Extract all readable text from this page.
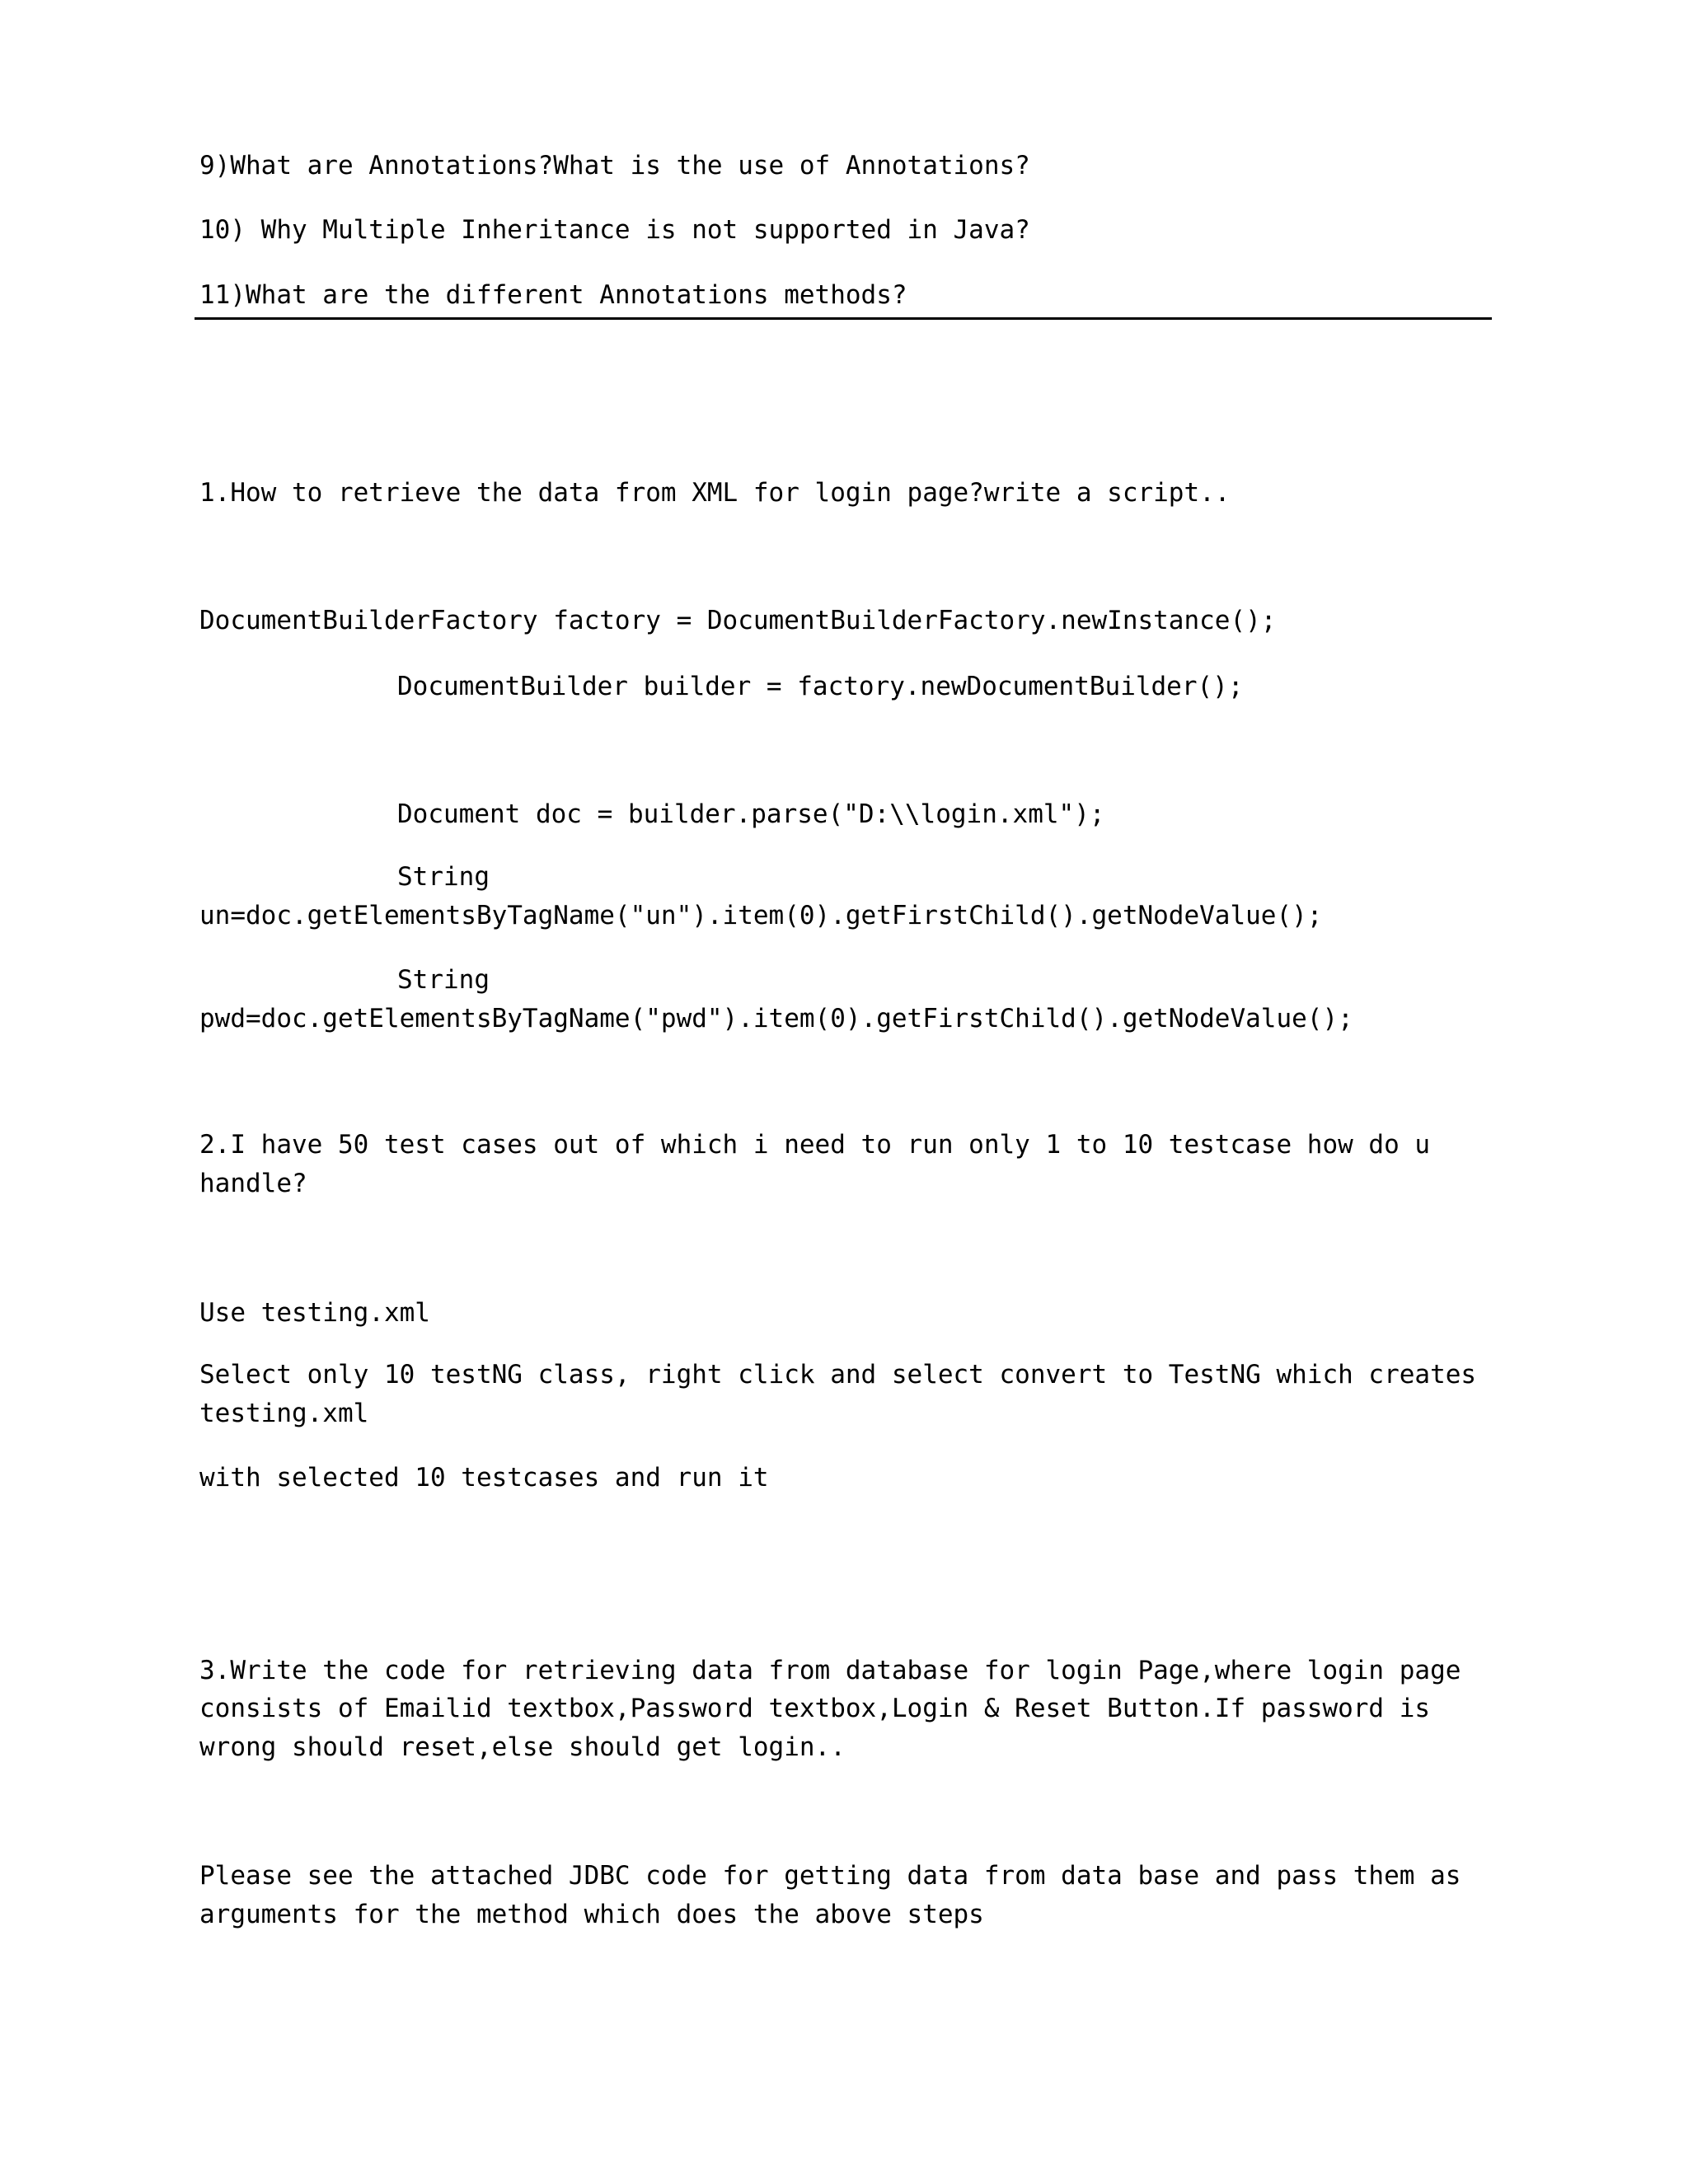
9)What are Annotations?What is the use of Annotations?

10) Why Multiple Inheritance is not supported in Java?

11)What are the different Annotations methods?

1.How to retrieve the data from XML for login page?write a script..

DocumentBuilderFactory factory = DocumentBuilderFactory.newInstance();

DocumentBuilder builder = factory.newDocumentBuilder();

Document doc = builder.parse("D:\\login.xml");

String

un=doc.getElementsByTagName("un").item(0).getFirstChild().getNodeValue();

String

pwd=doc.getElementsByTagName("pwd").item(0).getFirstChild().getNodeValue();

2.I have 50 test cases out of which i need to run only 1 to 10 testcase how do u

handle?

Use testing.xml

Select only 10 testNG class, right click and select convert to TestNG which creates

testing.xml

with selected 10 testcases and run it

3.Write the code for retrieving data from database for login Page,where login page

consists of Emailid textbox,Password textbox,Login & Reset Button.If password is

wrong should reset,else should get login..

Please see the attached JDBC code for getting data from data base and pass them as

arguments for the method which does the above steps
